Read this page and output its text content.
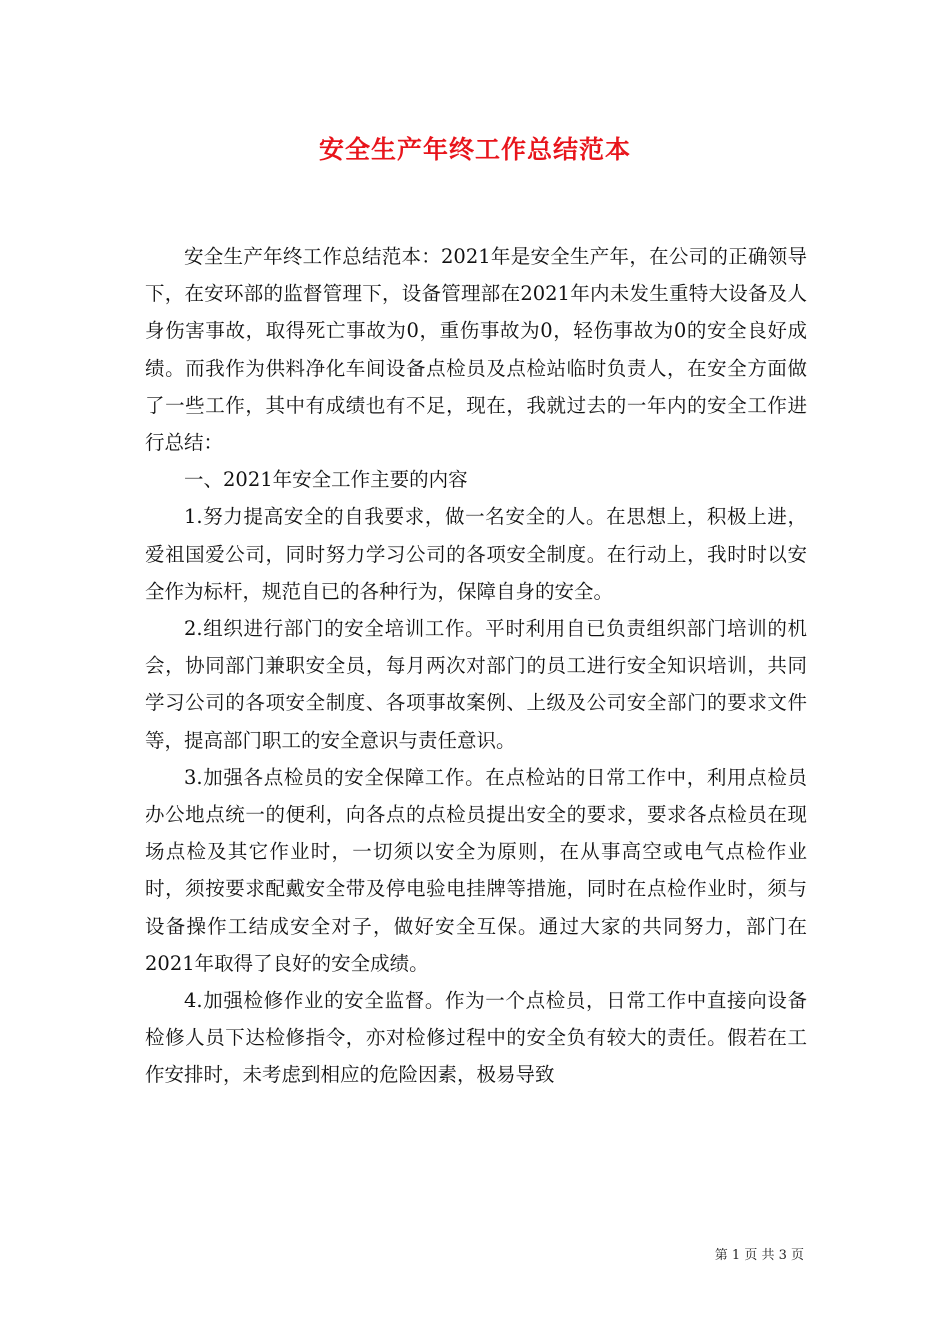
安全生产年终工作总结范本

安全生产年终工作总结范本：2021年是安全生产年，在公司的正确领导下，在安环部的监督管理下，设备管理部在2021年内未发生重特大设备及人身伤害事故，取得死亡事故为0，重伤事故为0，轻伤事故为0的安全良好成绩。而我作为供料净化车间设备点检员及点检站临时负责人，在安全方面做了一些工作，其中有成绩也有不足，现在，我就过去的一年内的安全工作进行总结：

一、2021年安全工作主要的内容

1.努力提高安全的自我要求，做一名安全的人。在思想上，积极上进，爱祖国爱公司，同时努力学习公司的各项安全制度。在行动上，我时时以安全作为标杆，规范自已的各种行为，保障自身的安全。

2.组织进行部门的安全培训工作。平时利用自已负责组织部门培训的机会，协同部门兼职安全员，每月两次对部门的员工进行安全知识培训，共同学习公司的各项安全制度、各项事故案例、上级及公司安全部门的要求文件等，提高部门职工的安全意识与责任意识。

3.加强各点检员的安全保障工作。在点检站的日常工作中，利用点检员办公地点统一的便利，向各点的点检员提出安全的要求，要求各点检员在现场点检及其它作业时，一切须以安全为原则，在从事高空或电气点检作业时，须按要求配戴安全带及停电验电挂牌等措施，同时在点检作业时，须与设备操作工结成安全对子，做好安全互保。通过大家的共同努力，部门在2021年取得了良好的安全成绩。

4.加强检修作业的安全监督。作为一个点检员，日常工作中直接向设备检修人员下达检修指令，亦对检修过程中的安全负有较大的责任。假若在工作安排时，未考虑到相应的危险因素，极易导致

第 1 页 共 3 页
